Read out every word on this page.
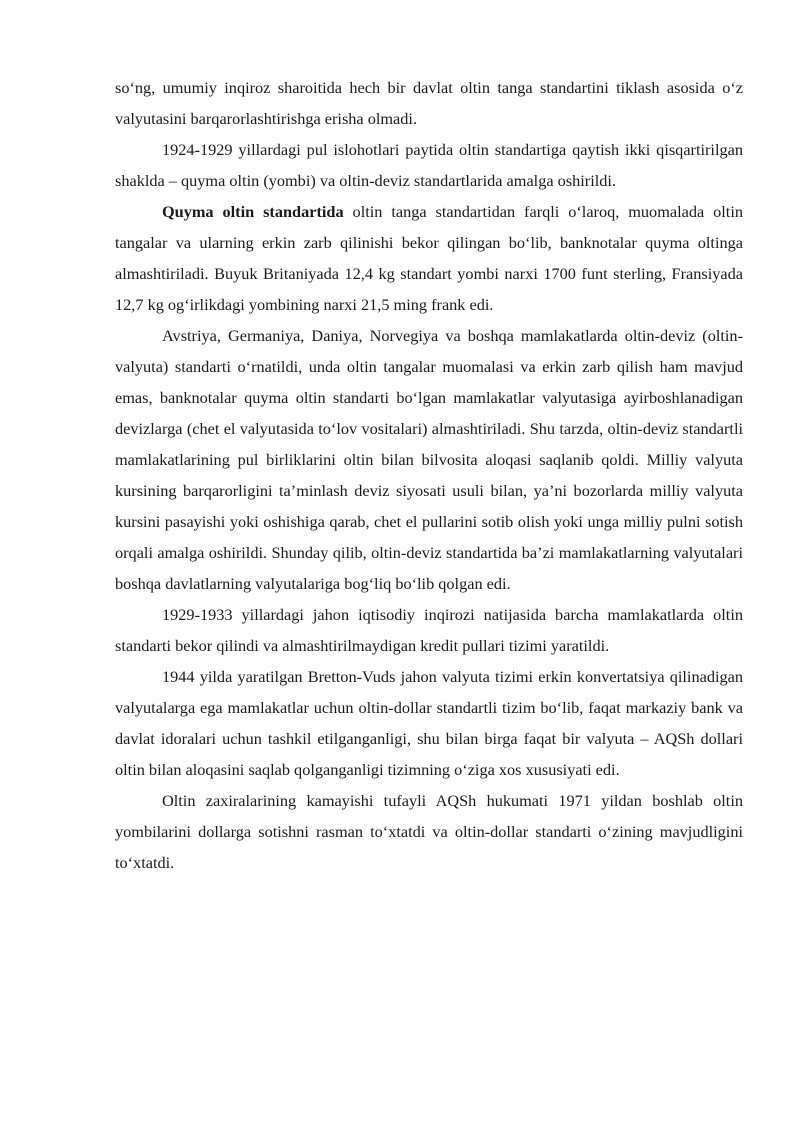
so‘ng, umumiy inqiroz sharoitida hech bir davlat oltin tanga standartini tiklash asosida o‘z valyutasini barqarorlashtirishga erisha olmadi.

1924-1929 yillardagi pul islohotlari paytida oltin standartiga qaytish ikki qisqartirilgan shaklda – quyma oltin (yombi) va oltin-deviz standartlarida amalga oshirildi.

Quyma oltin standartida oltin tanga standartidan farqli o‘laroq, muomalada oltin tangalar va ularning erkin zarb qilinishi bekor qilingan bo‘lib, banknotalar quyma oltinga almashtiriladi. Buyuk Britaniyada 12,4 kg standart yombi narxi 1700 funt sterling, Fransiyada 12,7 kg og‘irlikdagi yombining narxi 21,5 ming frank edi.

Avstriya, Germaniya, Daniya, Norvegiya va boshqa mamlakatlarda oltin-deviz (oltin-valyuta) standarti o‘rnatildi, unda oltin tangalar muomalasi va erkin zarb qilish ham mavjud emas, banknotalar quyma oltin standarti bo‘lgan mamlakatlar valyutasiga ayirboshlanadigan devizlarga (chet el valyutasida to‘lov vositalari) almashtiriladi. Shu tarzda, oltin-deviz standartli mamlakatlarining pul birliklarini oltin bilan bilvosita aloqasi saqlanib qoldi. Milliy valyuta kursining barqarorligini ta’minlash deviz siyosati usuli bilan, ya’ni bozorlarda milliy valyuta kursini pasayishi yoki oshishiga qarab, chet el pullarini sotib olish yoki unga milliy pulni sotish orqali amalga oshirildi. Shunday qilib, oltin-deviz standartida ba’zi mamlakatlarning valyutalari boshqa davlatlarning valyutalariga bog‘liq bo‘lib qolgan edi.

1929-1933 yillardagi jahon iqtisodiy inqirozi natijasida barcha mamlakatlarda oltin standarti bekor qilindi va almashtirilmaydigan kredit pullari tizimi yaratildi.

1944 yilda yaratilgan Bretton-Vuds jahon valyuta tizimi erkin konvertatsiya qilinadigan valyutalarga ega mamlakatlar uchun oltin-dollar standartli tizim bo‘lib, faqat markaziy bank va davlat idoralari uchun tashkil etilganganligi, shu bilan birga faqat bir valyuta – AQSh dollari oltin bilan aloqasini saqlab qolganganligi tizimning o‘ziga xos xususiyati edi.

Oltin zaxiralarining kamayishi tufayli AQSh hukumati 1971 yildan boshlab oltin yombilarini dollarga sotishni rasman to‘xtatdi va oltin-dollar standarti o‘zining mavjudligini to‘xtatdi.
